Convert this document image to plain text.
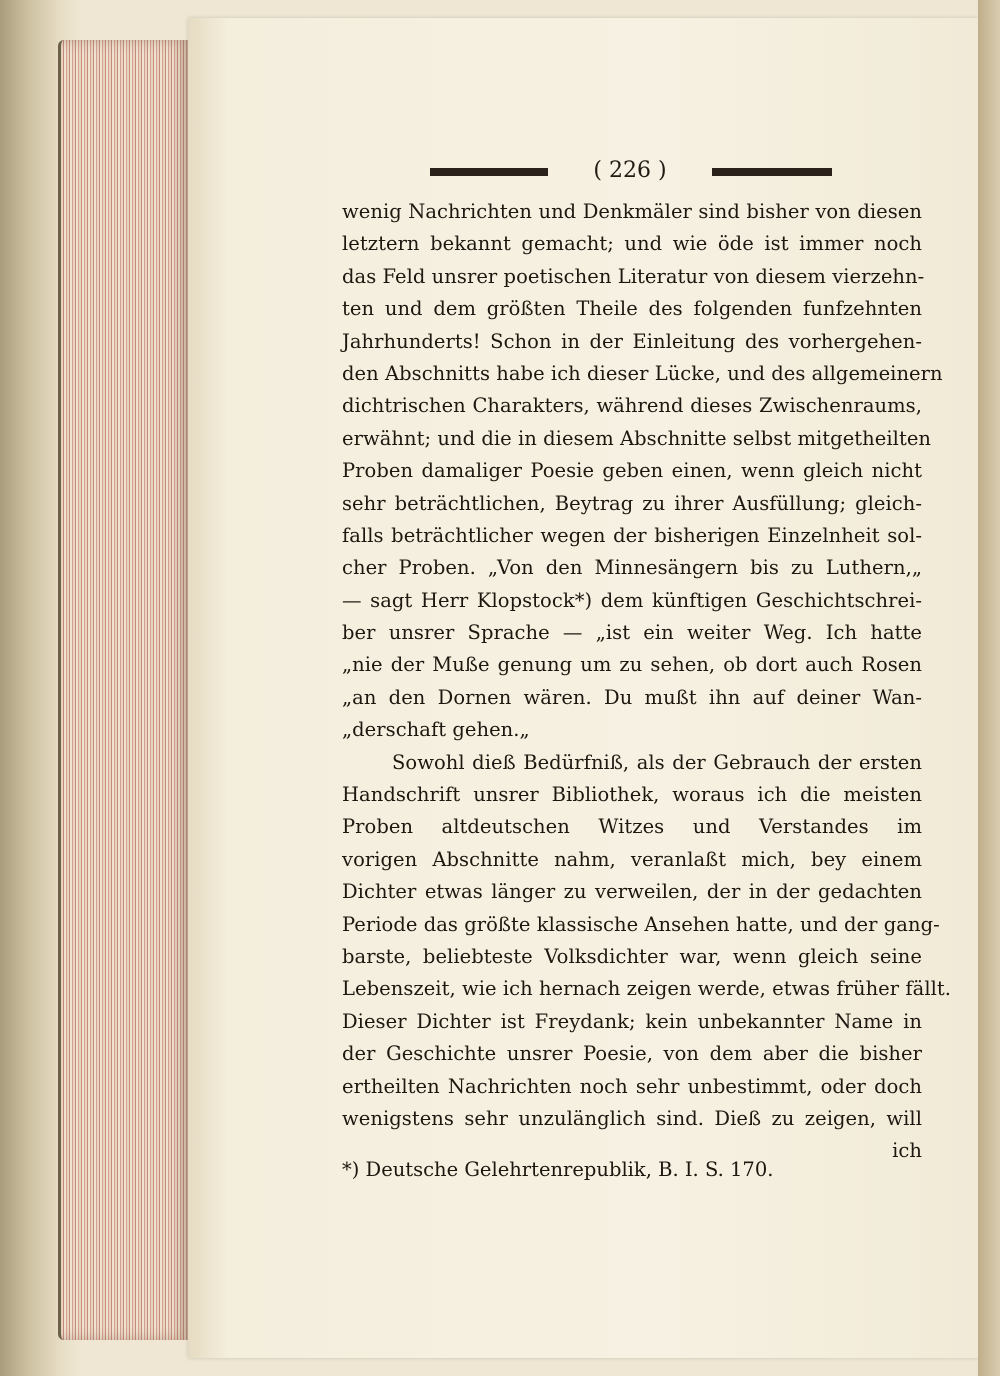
( 226 )
wenig Nachrichten und Denkmäler sind bisher von diesen
letztern bekannt gemacht; und wie öde ist immer noch
das Feld unsrer poetischen Literatur von diesem vierzehn-
ten und dem größten Theile des folgenden funfzehnten
Jahrhunderts! Schon in der Einleitung des vorhergehen-
den Abschnitts habe ich dieser Lücke, und des allgemeinern
dichtrischen Charakters, während dieses Zwischenraums,
erwähnt; und die in diesem Abschnitte selbst mitgetheilten
Proben damaliger Poesie geben einen, wenn gleich nicht
sehr beträchtlichen, Beytrag zu ihrer Ausfüllung; gleich-
falls beträchtlicher wegen der bisherigen Einzelnheit sol-
cher Proben. „Von den Minnesängern bis zu Luthern,„
— sagt Herr Klopstock*) dem künftigen Geschichtschrei-
ber unsrer Sprache — „ist ein weiter Weg. Ich hatte
„nie der Muße genung um zu sehen, ob dort auch Rosen
„an den Dornen wären. Du mußt ihn auf deiner Wan-
„derschaft gehen.„
Sowohl dieß Bedürfniß, als der Gebrauch der ersten
Handschrift unsrer Bibliothek, woraus ich die meisten
Proben altdeutschen Witzes und Verstandes im
vorigen Abschnitte nahm, veranlaßt mich, bey einem
Dichter etwas länger zu verweilen, der in der gedachten
Periode das größte klassische Ansehen hatte, und der gang-
barste, beliebteste Volksdichter war, wenn gleich seine
Lebenszeit, wie ich hernach zeigen werde, etwas früher fällt.
Dieser Dichter ist Freydank; kein unbekannter Name in
der Geschichte unsrer Poesie, von dem aber die bisher
ertheilten Nachrichten noch sehr unbestimmt, oder doch
wenigstens sehr unzulänglich sind. Dieß zu zeigen, will
ich
*) Deutsche Gelehrtenrepublik, B. I. S. 170.
